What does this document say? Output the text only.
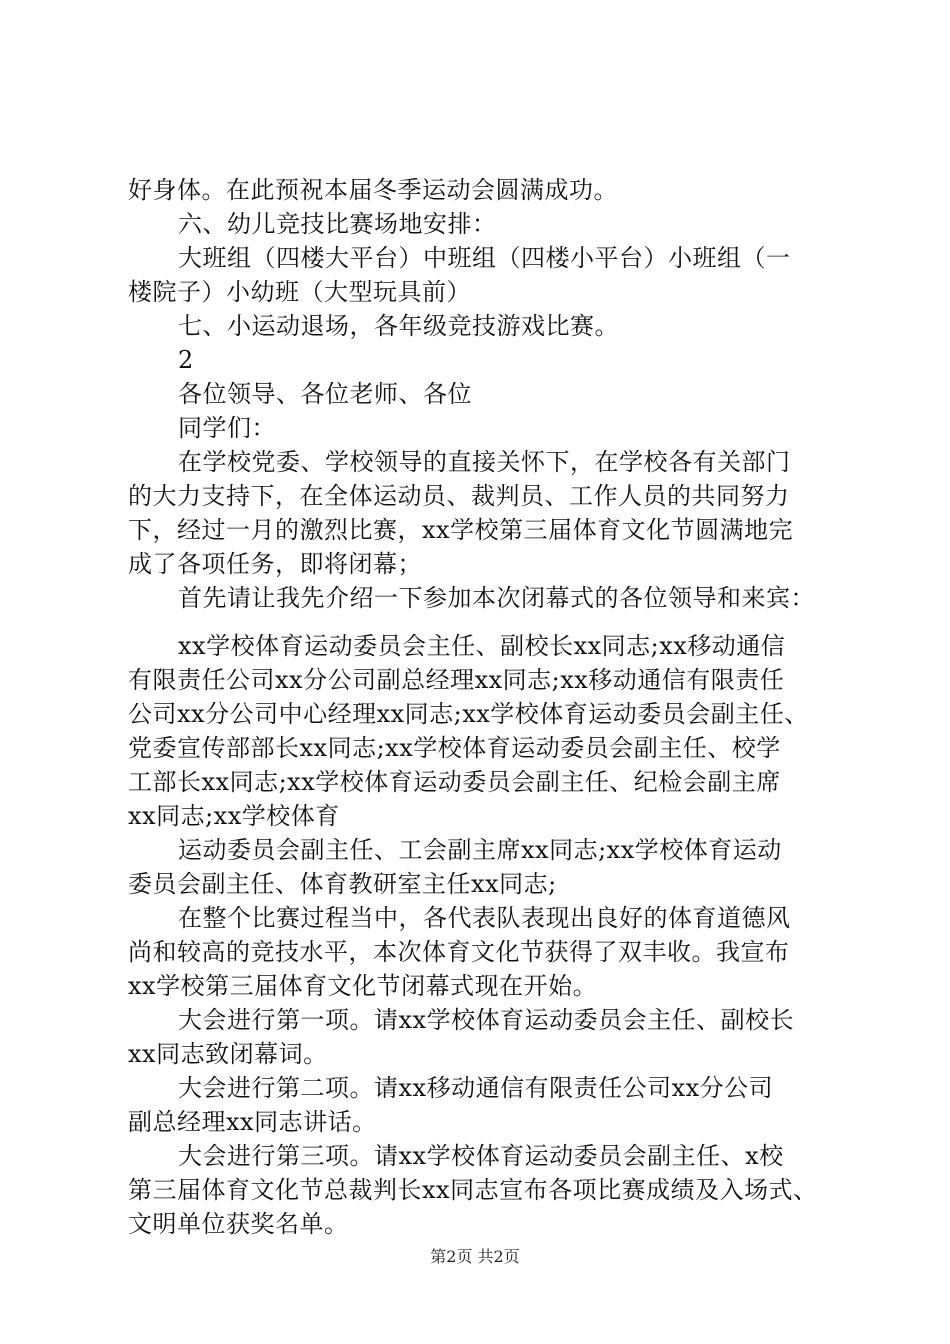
好身体。在此预祝本届冬季运动会圆满成功。
六、幼儿竞技比赛场地安排：
大班组（四楼大平台）中班组（四楼小平台）小班组（一
楼院子）小幼班（大型玩具前）
七、小运动退场，各年级竞技游戏比赛。
2
各位领导、各位老师、各位
同学们：
在学校党委、学校领导的直接关怀下，在学校各有关部门
的大力支持下，在全体运动员、裁判员、工作人员的共同努力
下，经过一月的激烈比赛，xx学校第三届体育文化节圆满地完
成了各项任务，即将闭幕；
首先请让我先介绍一下参加本次闭幕式的各位领导和来宾：
xx学校体育运动委员会主任、副校长xx同志;xx移动通信
有限责任公司xx分公司副总经理xx同志;xx移动通信有限责任
公司xx分公司中心经理xx同志;xx学校体育运动委员会副主任、
党委宣传部部长xx同志;xx学校体育运动委员会副主任、校学
工部长xx同志;xx学校体育运动委员会副主任、纪检会副主席
xx同志;xx学校体育
运动委员会副主任、工会副主席xx同志;xx学校体育运动
委员会副主任、体育教研室主任xx同志;
在整个比赛过程当中，各代表队表现出良好的体育道德风
尚和较高的竞技水平，本次体育文化节获得了双丰收。我宣布
xx学校第三届体育文化节闭幕式现在开始。
大会进行第一项。请xx学校体育运动委员会主任、副校长
xx同志致闭幕词。
大会进行第二项。请xx移动通信有限责任公司xx分公司
副总经理xx同志讲话。
大会进行第三项。请xx学校体育运动委员会副主任、x校
第三届体育文化节总裁判长xx同志宣布各项比赛成绩及入场式、
文明单位获奖名单。
第2页 共2页
